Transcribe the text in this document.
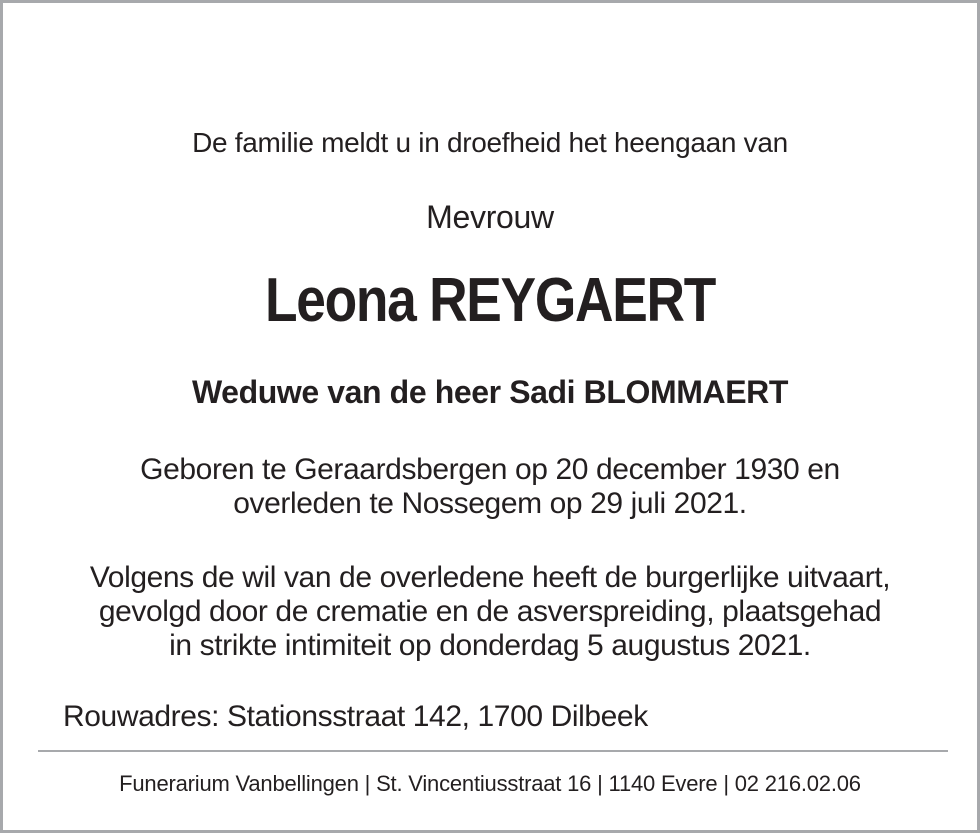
De familie meldt u in droefheid het heengaan van
Mevrouw
Leona REYGAERT
Weduwe van de heer Sadi BLOMMAERT
Geboren te Geraardsbergen op 20 december 1930 en
overleden te Nossegem op 29 juli 2021.
Volgens de wil van de overledene heeft de burgerlijke uitvaart,
gevolgd door de crematie en de asverspreiding, plaatsgehad
in strikte intimiteit op donderdag 5 augustus 2021.
Rouwadres: Stationsstraat 142, 1700 Dilbeek
Funerarium Vanbellingen | St. Vincentiusstraat 16 | 1140 Evere | 02 216.02.06
